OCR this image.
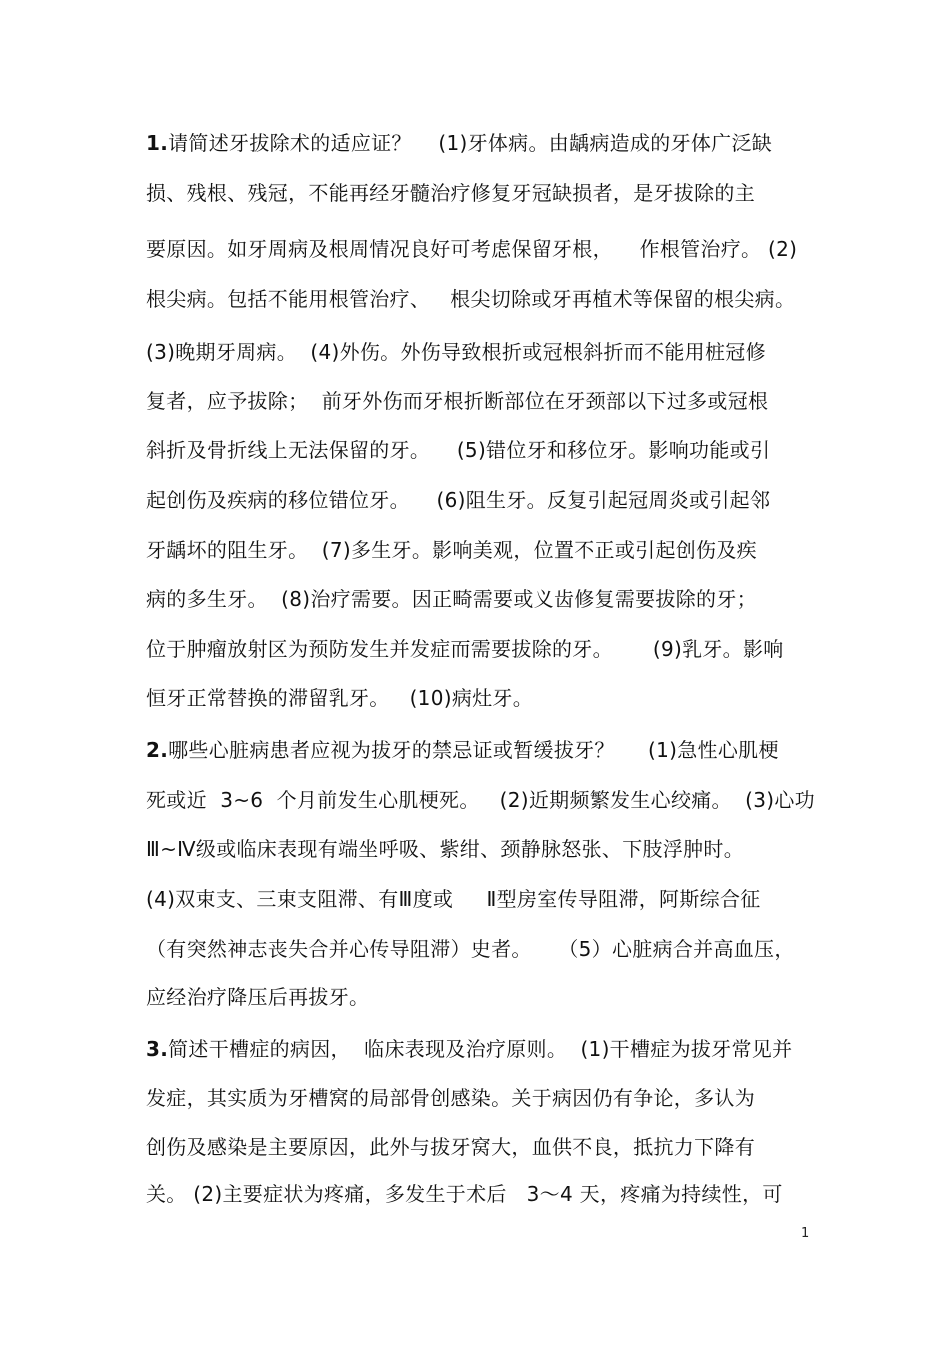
1.请简述牙拔除术的适应证？    (1)牙体病。由龋病造成的牙体广泛缺
损、残根、残冠，不能再经牙髓治疗修复牙冠缺损者，是牙拔除的主
要原因。如牙周病及根周情况良好可考虑保留牙根，    作根管治疗。 (2)
根尖病。包括不能用根管治疗、   根尖切除或牙再植术等保留的根尖病。
(3)晚期牙周病。  (4)外伤。外伤导致根折或冠根斜折而不能用桩冠修
复者，应予拔除；  前牙外伤而牙根折断部位在牙颈部以下过多或冠根
斜折及骨折线上无法保留的牙。    (5)错位牙和移位牙。影响功能或引
起创伤及疾病的移位错位牙。    (6)阻生牙。反复引起冠周炎或引起邻
牙龋坏的阻生牙。  (7)多生牙。影响美观，位置不正或引起创伤及疾
病的多生牙。  (8)治疗需要。因正畸需要或义齿修复需要拔除的牙；
位于肿瘤放射区为预防发生并发症而需要拔除的牙。      (9)乳牙。影响
恒牙正常替换的滞留乳牙。   (10)病灶牙。
2.哪些心脏病患者应视为拔牙的禁忌证或暂缓拔牙？     (1)急性心肌梗
死或近  3~6  个月前发生心肌梗死。   (2)近期频繁发生心绞痛。  (3)心功
Ⅲ~Ⅳ级或临床表现有端坐呼吸、紫绀、颈静脉怒张、下肢浮肿时。
(4)双束支、三束支阻滞、有Ⅲ度或     Ⅱ型房室传导阻滞，阿斯综合征
（有突然神志丧失合并心传导阻滞）史者。    （5）心脏病合并高血压，
应经治疗降压后再拔牙。
3.简述干槽症的病因，  临床表现及治疗原则。  (1)干槽症为拔牙常见并
发症，其实质为牙槽窝的局部骨创感染。关于病因仍有争论，多认为
创伤及感染是主要原因，此外与拔牙窝大，血供不良，抵抗力下降有
关。 (2)主要症状为疼痛，多发生于术后   3～4 天，疼痛为持续性，可
1
